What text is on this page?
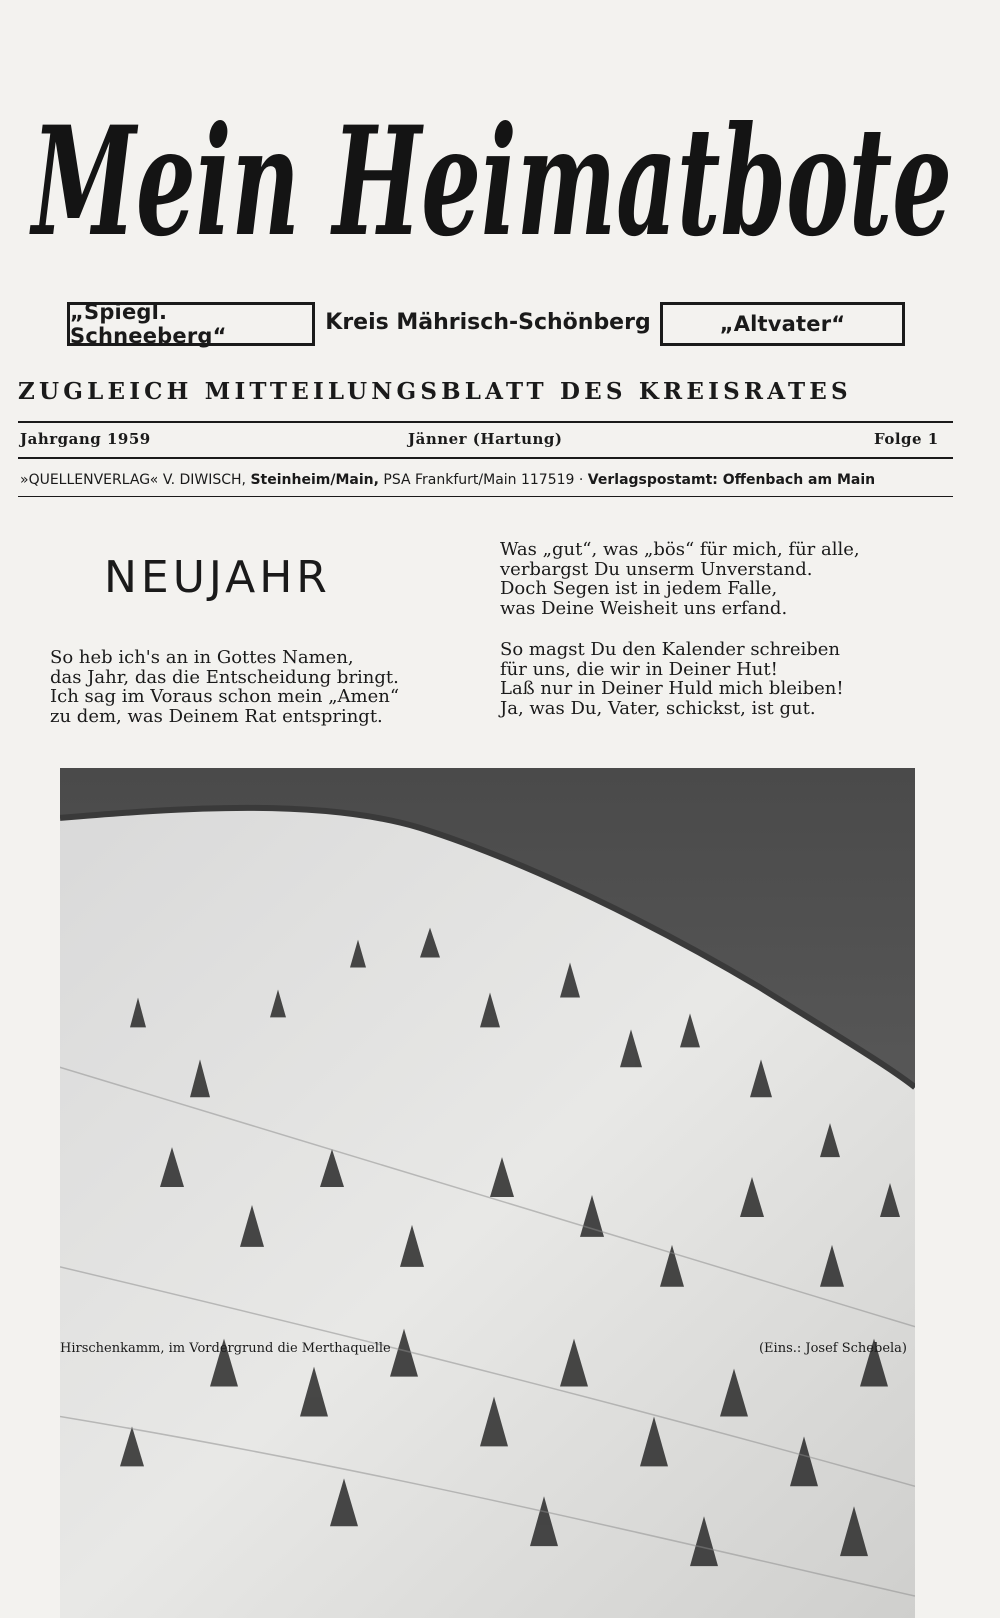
Mein Heimatbote
„Spiegl. Schneeberg“
Kreis Mährisch-Schönberg	„Altvater“
ZUGLEICH MITTEILUNGSBLATT DES KREISRATES
Jahrgang 1959	Jänner (Hartung)	Folge 1
»QUELLENVERLAG« V. DIWISCH, Steinheim/Main, PSA Frankfurt/Main 117519 · Verlagspostamt: Offenbach am Main
NEUJAHR
So heb ich's an in Gottes Namen,
das Jahr, das die Entscheidung bringt.
Ich sag im Voraus schon mein „Amen“
zu dem, was Deinem Rat entspringt.
Was „gut“, was „bös“ für mich, für alle,
verbargst Du unserm Unverstand.
Doch Segen ist in jedem Falle,
was Deine Weisheit uns erfand.
So magst Du den Kalender schreiben
für uns, die wir in Deiner Hut!
Laß nur in Deiner Huld mich bleiben!
Ja, was Du, Vater, schickst, ist gut.
Hirschenkamm, im Vordergrund die Merthaquelle	(Eins.: Josef Schebela)
